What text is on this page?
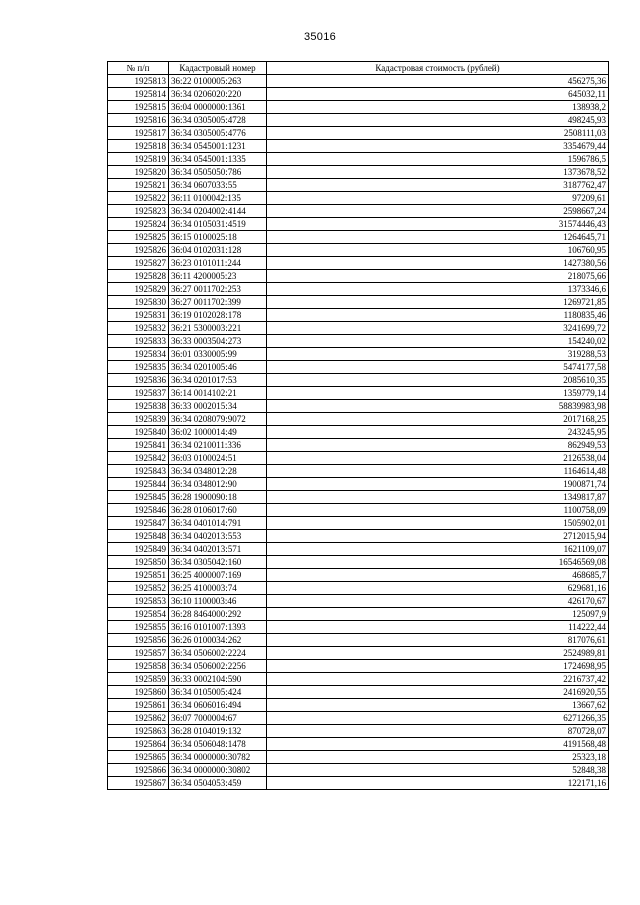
35016
№ п/п	Кадастровый номер	Кадастровая стоимость (рублей)
1925813	36:22 0100005:263	456275,36
1925814	36:34 0206020:220	645032,11
1925815	36:04 0000000:1361	138938,2
1925816	36:34 0305005:4728	498245,93
1925817	36:34 0305005:4776	2508111,03
1925818	36:34 0545001:1231	3354679,44
1925819	36:34 0545001:1335	1596786,5
1925820	36:34 0505050:786	1373678,52
1925821	36:34 0607033:55	3187762,47
1925822	36:11 0100042:135	97209,61
1925823	36:34 0204002:4144	2598667,24
1925824	36:34 0105031:4519	31574446,43
1925825	36:15 0100025:18	1264645,71
1925826	36:04 0102031:128	106760,95
1925827	36:23 0101011:244	1427380,56
1925828	36:11 4200005:23	218075,66
1925829	36:27 0011702:253	1373346,6
1925830	36:27 0011702:399	1269721,85
1925831	36:19 0102028:178	1180835,46
1925832	36:21 5300003:221	3241699,72
1925833	36:33 0003504:273	154240,02
1925834	36:01 0330005:99	319288,53
1925835	36:34 0201005:46	5474177,58
1925836	36:34 0201017:53	2085610,35
1925837	36:14 0014102:21	1359779,14
1925838	36:33 0002015:34	58839983,98
1925839	36:34 0208079:9072	2017168,25
1925840	36:02 1000014:49	243245,95
1925841	36:34 0210011:336	862949,53
1925842	36:03 0100024:51	2126538,04
1925843	36:34 0348012:28	1164614,48
1925844	36:34 0348012:90	1900871,74
1925845	36:28 1900090:18	1349817,87
1925846	36:28 0106017:60	1100758,09
1925847	36:34 0401014:791	1505902,01
1925848	36:34 0402013:553	2712015,94
1925849	36:34 0402013:571	1621109,07
1925850	36:34 0305042:160	16546569,08
1925851	36:25 4000007:169	468685,7
1925852	36:25 4100003:74	629681,16
1925853	36:10 1100003:46	426170,67
1925854	36:28 8464000:292	125097,9
1925855	36:16 0101007:1393	114222,44
1925856	36:26 0100034:262	817076,61
1925857	36:34 0506002:2224	2524989,81
1925858	36:34 0506002:2256	1724698,95
1925859	36:33 0002104:590	2216737,42
1925860	36:34 0105005:424	2416920,55
1925861	36:34 0606016:494	13667,62
1925862	36:07 7000004:67	6271266,35
1925863	36:28 0104019:132	870728,07
1925864	36:34 0506048:1478	4191568,48
1925865	36:34 0000000:30782	25323,18
1925866	36:34 0000000:30802	52848,38
1925867	36:34 0504053:459	122171,16
